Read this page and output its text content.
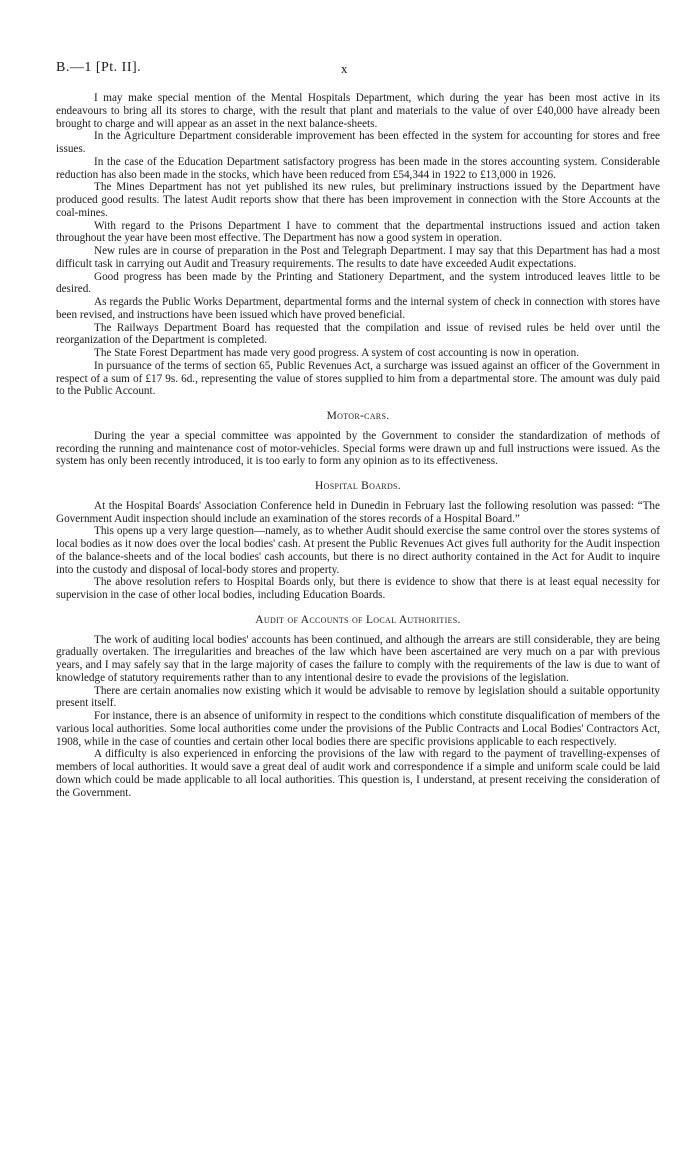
B.—1 [Pt. II].	x

I may make special mention of the Mental Hospitals Department, which during the year has been most active in its endeavours to bring all its stores to charge, with the result that plant and materials to the value of over £40,000 have already been brought to charge and will appear as an asset in the next balance-sheets.

In the Agriculture Department considerable improvement has been effected in the system for accounting for stores and free issues.

In the case of the Education Department satisfactory progress has been made in the stores accounting system. Considerable reduction has also been made in the stocks, which have been reduced from £54,344 in 1922 to £13,000 in 1926.

The Mines Department has not yet published its new rules, but preliminary instructions issued by the Department have produced good results. The latest Audit reports show that there has been improvement in connection with the Store Accounts at the coal-mines.

With regard to the Prisons Department I have to comment that the departmental instructions issued and action taken throughout the year have been most effective. The Department has now a good system in operation.

New rules are in course of preparation in the Post and Telegraph Department. I may say that this Department has had a most difficult task in carrying out Audit and Treasury requirements. The results to date have exceeded Audit expectations.

Good progress has been made by the Printing and Stationery Department, and the system introduced leaves little to be desired.

As regards the Public Works Department, departmental forms and the internal system of check in connection with stores have been revised, and instructions have been issued which have proved beneficial.

The Railways Department Board has requested that the compilation and issue of revised rules be held over until the reorganization of the Department is completed.

The State Forest Department has made very good progress. A system of cost accounting is now in operation.

In pursuance of the terms of section 65, Public Revenues Act, a surcharge was issued against an officer of the Government in respect of a sum of £17 9s. 6d., representing the value of stores supplied to him from a departmental store. The amount was duly paid to the Public Account.

Motor-cars.

During the year a special committee was appointed by the Government to consider the standardization of methods of recording the running and maintenance cost of motor-vehicles. Special forms were drawn up and full instructions were issued. As the system has only been recently introduced, it is too early to form any opinion as to its effectiveness.

Hospital Boards.

At the Hospital Boards' Association Conference held in Dunedin in February last the following resolution was passed: “The Government Audit inspection should include an examination of the stores records of a Hospital Board.”

This opens up a very large question—namely, as to whether Audit should exercise the same control over the stores systems of local bodies as it now does over the local bodies' cash. At present the Public Revenues Act gives full authority for the Audit inspection of the balance-sheets and of the local bodies' cash accounts, but there is no direct authority contained in the Act for Audit to inquire into the custody and disposal of local-body stores and property.

The above resolution refers to Hospital Boards only, but there is evidence to show that there is at least equal necessity for supervision in the case of other local bodies, including Education Boards.

Audit of Accounts of Local Authorities.

The work of auditing local bodies' accounts has been continued, and although the arrears are still considerable, they are being gradually overtaken. The irregularities and breaches of the law which have been ascertained are very much on a par with previous years, and I may safely say that in the large majority of cases the failure to comply with the requirements of the law is due to want of knowledge of statutory requirements rather than to any intentional desire to evade the provisions of the legislation.

There are certain anomalies now existing which it would be advisable to remove by legislation should a suitable opportunity present itself.

For instance, there is an absence of uniformity in respect to the conditions which constitute disqualification of members of the various local authorities. Some local authorities come under the provisions of the Public Contracts and Local Bodies' Contractors Act, 1908, while in the case of counties and certain other local bodies there are specific provisions applicable to each respectively.

A difficulty is also experienced in enforcing the provisions of the law with regard to the payment of travelling-expenses of members of local authorities. It would save a great deal of audit work and correspondence if a simple and uniform scale could be laid down which could be made applicable to all local authorities. This question is, I understand, at present receiving the consideration of the Government.
